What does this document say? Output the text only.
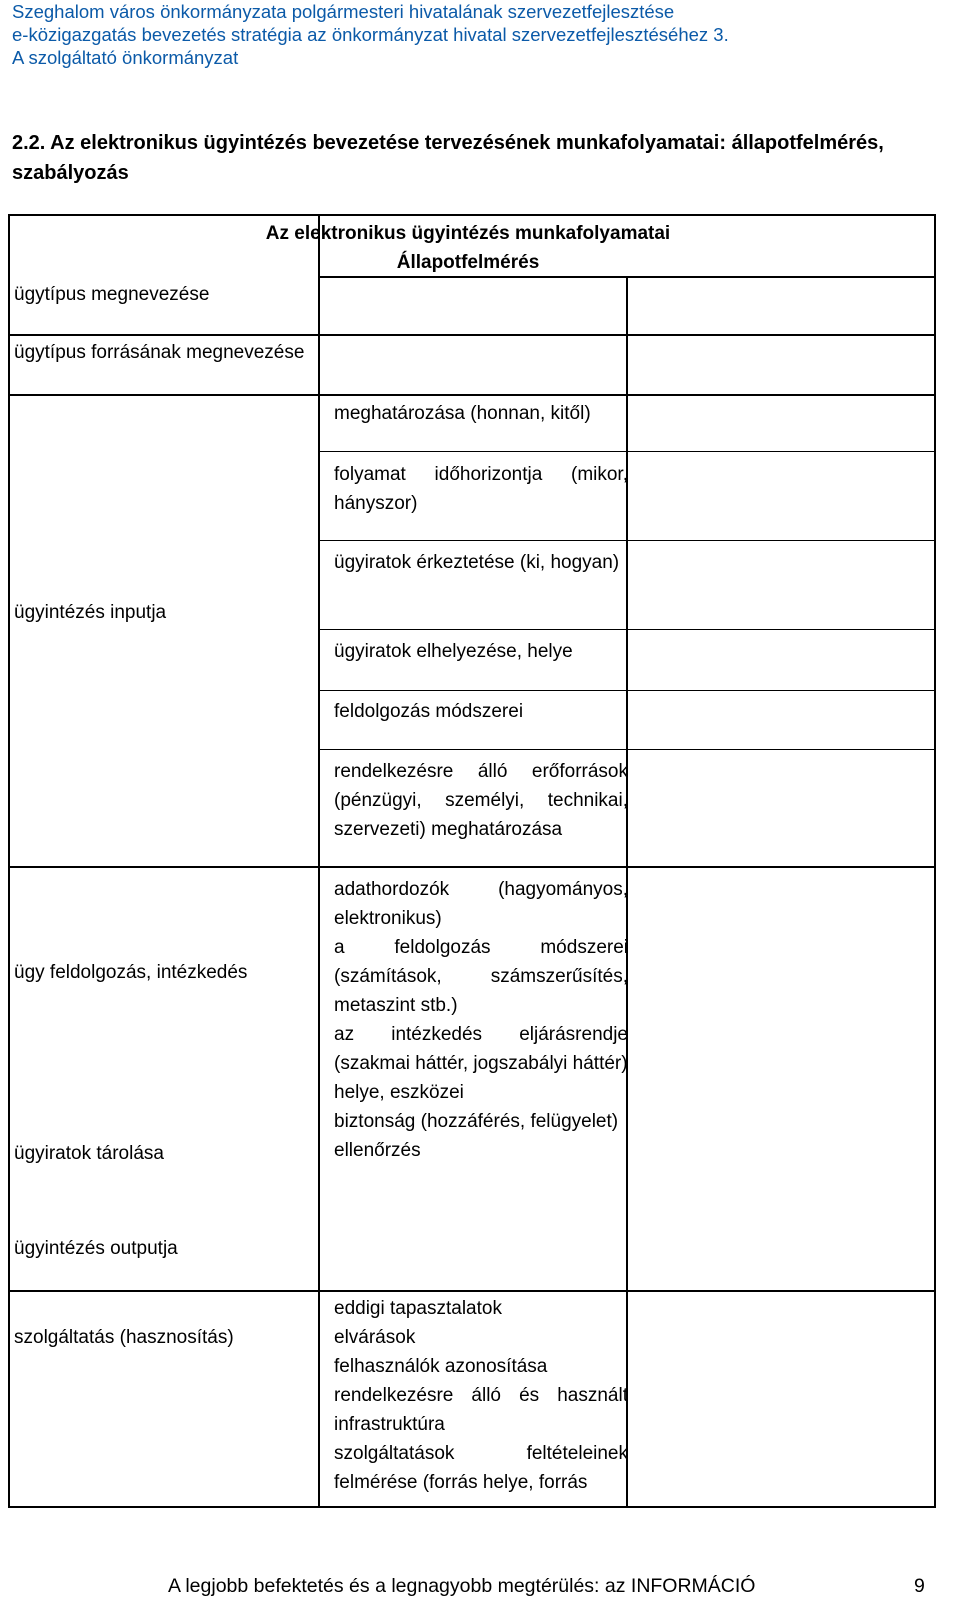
Szeghalom város önkormányzata polgármesteri hivatalának szervezetfejlesztése
e-közigazgatás bevezetés stratégia az önkormányzat hivatal szervezetfejlesztéséhez 3.
A szolgáltató önkormányzat
2.2. Az elektronikus ügyintézés bevezetése tervezésének munkafolyamatai: állapotfelmérés, szabályozás
Az elektronikus ügyintézés munkafolyamatai
Állapotfelmérés
ügytípus megnevezése
ügytípus forrásának megnevezése
ügyintézés inputja
ügy feldolgozás, intézkedés
ügyiratok tárolása
ügyintézés outputja
szolgáltatás (hasznosítás)
meghatározása (honnan, kitől)
folyamat időhorizontja (mikor, hányszor)
ügyiratok érkeztetése (ki, hogyan)
ügyiratok elhelyezése, helye
feldolgozás módszerei
rendelkezésre álló erőforrások (pénzügyi, személyi, technikai, szervezeti) meghatározása
adathordozók (hagyományos, elektronikus)
a feldolgozás módszerei (számítások, számszerűsítés, metaszint stb.)
az intézkedés eljárásrendje (szakmai háttér, jogszabályi háttér)
helye, eszközei
biztonság (hozzáférés, felügyelet)
ellenőrzés
eddigi tapasztalatok
elvárások
felhasználók azonosítása
rendelkezésre álló és használt infrastruktúra
szolgáltatások feltételeinek felmérése (forrás helye, forrás
A legjobb befektetés és a legnagyobb megtérülés: az INFORMÁCIÓ	9
